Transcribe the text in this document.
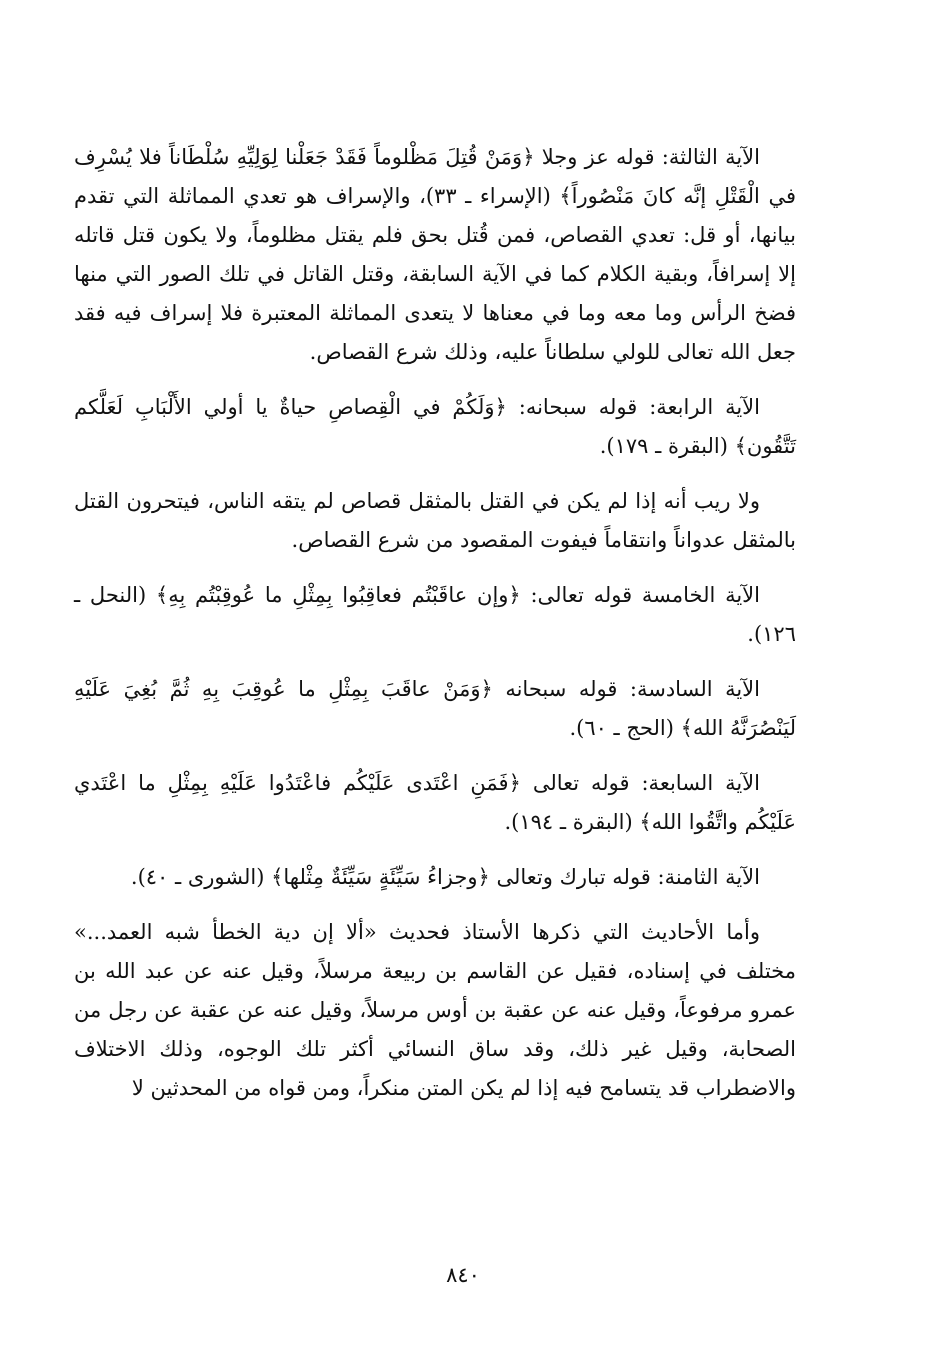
الآية الثالثة: قوله عز وجلا ﴿وَمَنْ قُتِلَ مَظْلوماً فَقَدْ جَعَلْنا لِوَلِيِّهِ سُلْطَاناً فلا يُسْرِف في الْقَتْلِ إنَّه كانَ مَنْصُوراً﴾ (الإسراء ـ ٣٣)، والإسراف هو تعدي المماثلة التي تقدم بيانها، أو قل: تعدي القصاص، فمن قُتل بحق فلم يقتل مظلوماً، ولا يكون قتل قاتله إلا إسرافاً، وبقية الكلام كما في الآية السابقة، وقتل القاتل في تلك الصور التي منها فضخ الرأس وما معه وما في معناها لا يتعدى المماثلة المعتبرة فلا إسراف فيه فقد جعل الله تعالى للولي سلطاناً عليه، وذلك شرع القصاص.

الآية الرابعة: قوله سبحانه: ﴿وَلَكُمْ في الْقِصاصِ حياةٌ يا أولي الأَلْبَابِ لَعَلَّكم تَتَّقُون﴾ (البقرة ـ ١٧٩).

ولا ريب أنه إذا لم يكن في القتل بالمثقل قصاص لم يتقه الناس، فيتحرون القتل بالمثقل عدواناً وانتقاماً فيفوت المقصود من شرع القصاص.

الآية الخامسة قوله تعالى: ﴿وإن عاقَبْتُم فعاقِبُوا بِمِثْلِ ما عُوقِبْتُم بِهِ﴾ (النحل ـ ١٢٦).

الآية السادسة: قوله سبحانه ﴿وَمَنْ عاقَبَ بِمِثْلِ ما عُوقِبَ بِهِ ثُمَّ بُغِيَ عَلَيْهِ لَيَنْصُرَنَّهُ الله﴾ (الحج ـ ٦٠).

الآية السابعة: قوله تعالى ﴿فَمَنِ اعْتَدى عَلَيْكُم فاعْتَدُوا عَلَيْهِ بِمِثْلِ ما اعْتَدي عَلَيْكُم واتَّقُوا الله﴾ (البقرة ـ ١٩٤).

الآية الثامنة: قوله تبارك وتعالى ﴿وجزاءُ سَيِّئَةٍ سَيِّئَةٌ مِثْلها﴾ (الشورى ـ ٤٠).

وأما الأحاديث التي ذكرها الأستاذ فحديث «ألا إن دية الخطأ شبه العمد...» مختلف في إسناده، فقيل عن القاسم بن ربيعة مرسلاً، وقيل عنه عن عبد الله بن عمرو مرفوعاً، وقيل عنه عن عقبة بن أوس مرسلاً، وقيل عنه عن عقبة عن رجل من الصحابة، وقيل غير ذلك، وقد ساق النسائي أكثر تلك الوجوه، وذلك الاختلاف والاضطراب قد يتسامح فيه إذا لم يكن المتن منكراً، ومن قواه من المحدثين لا

٨٤٠
